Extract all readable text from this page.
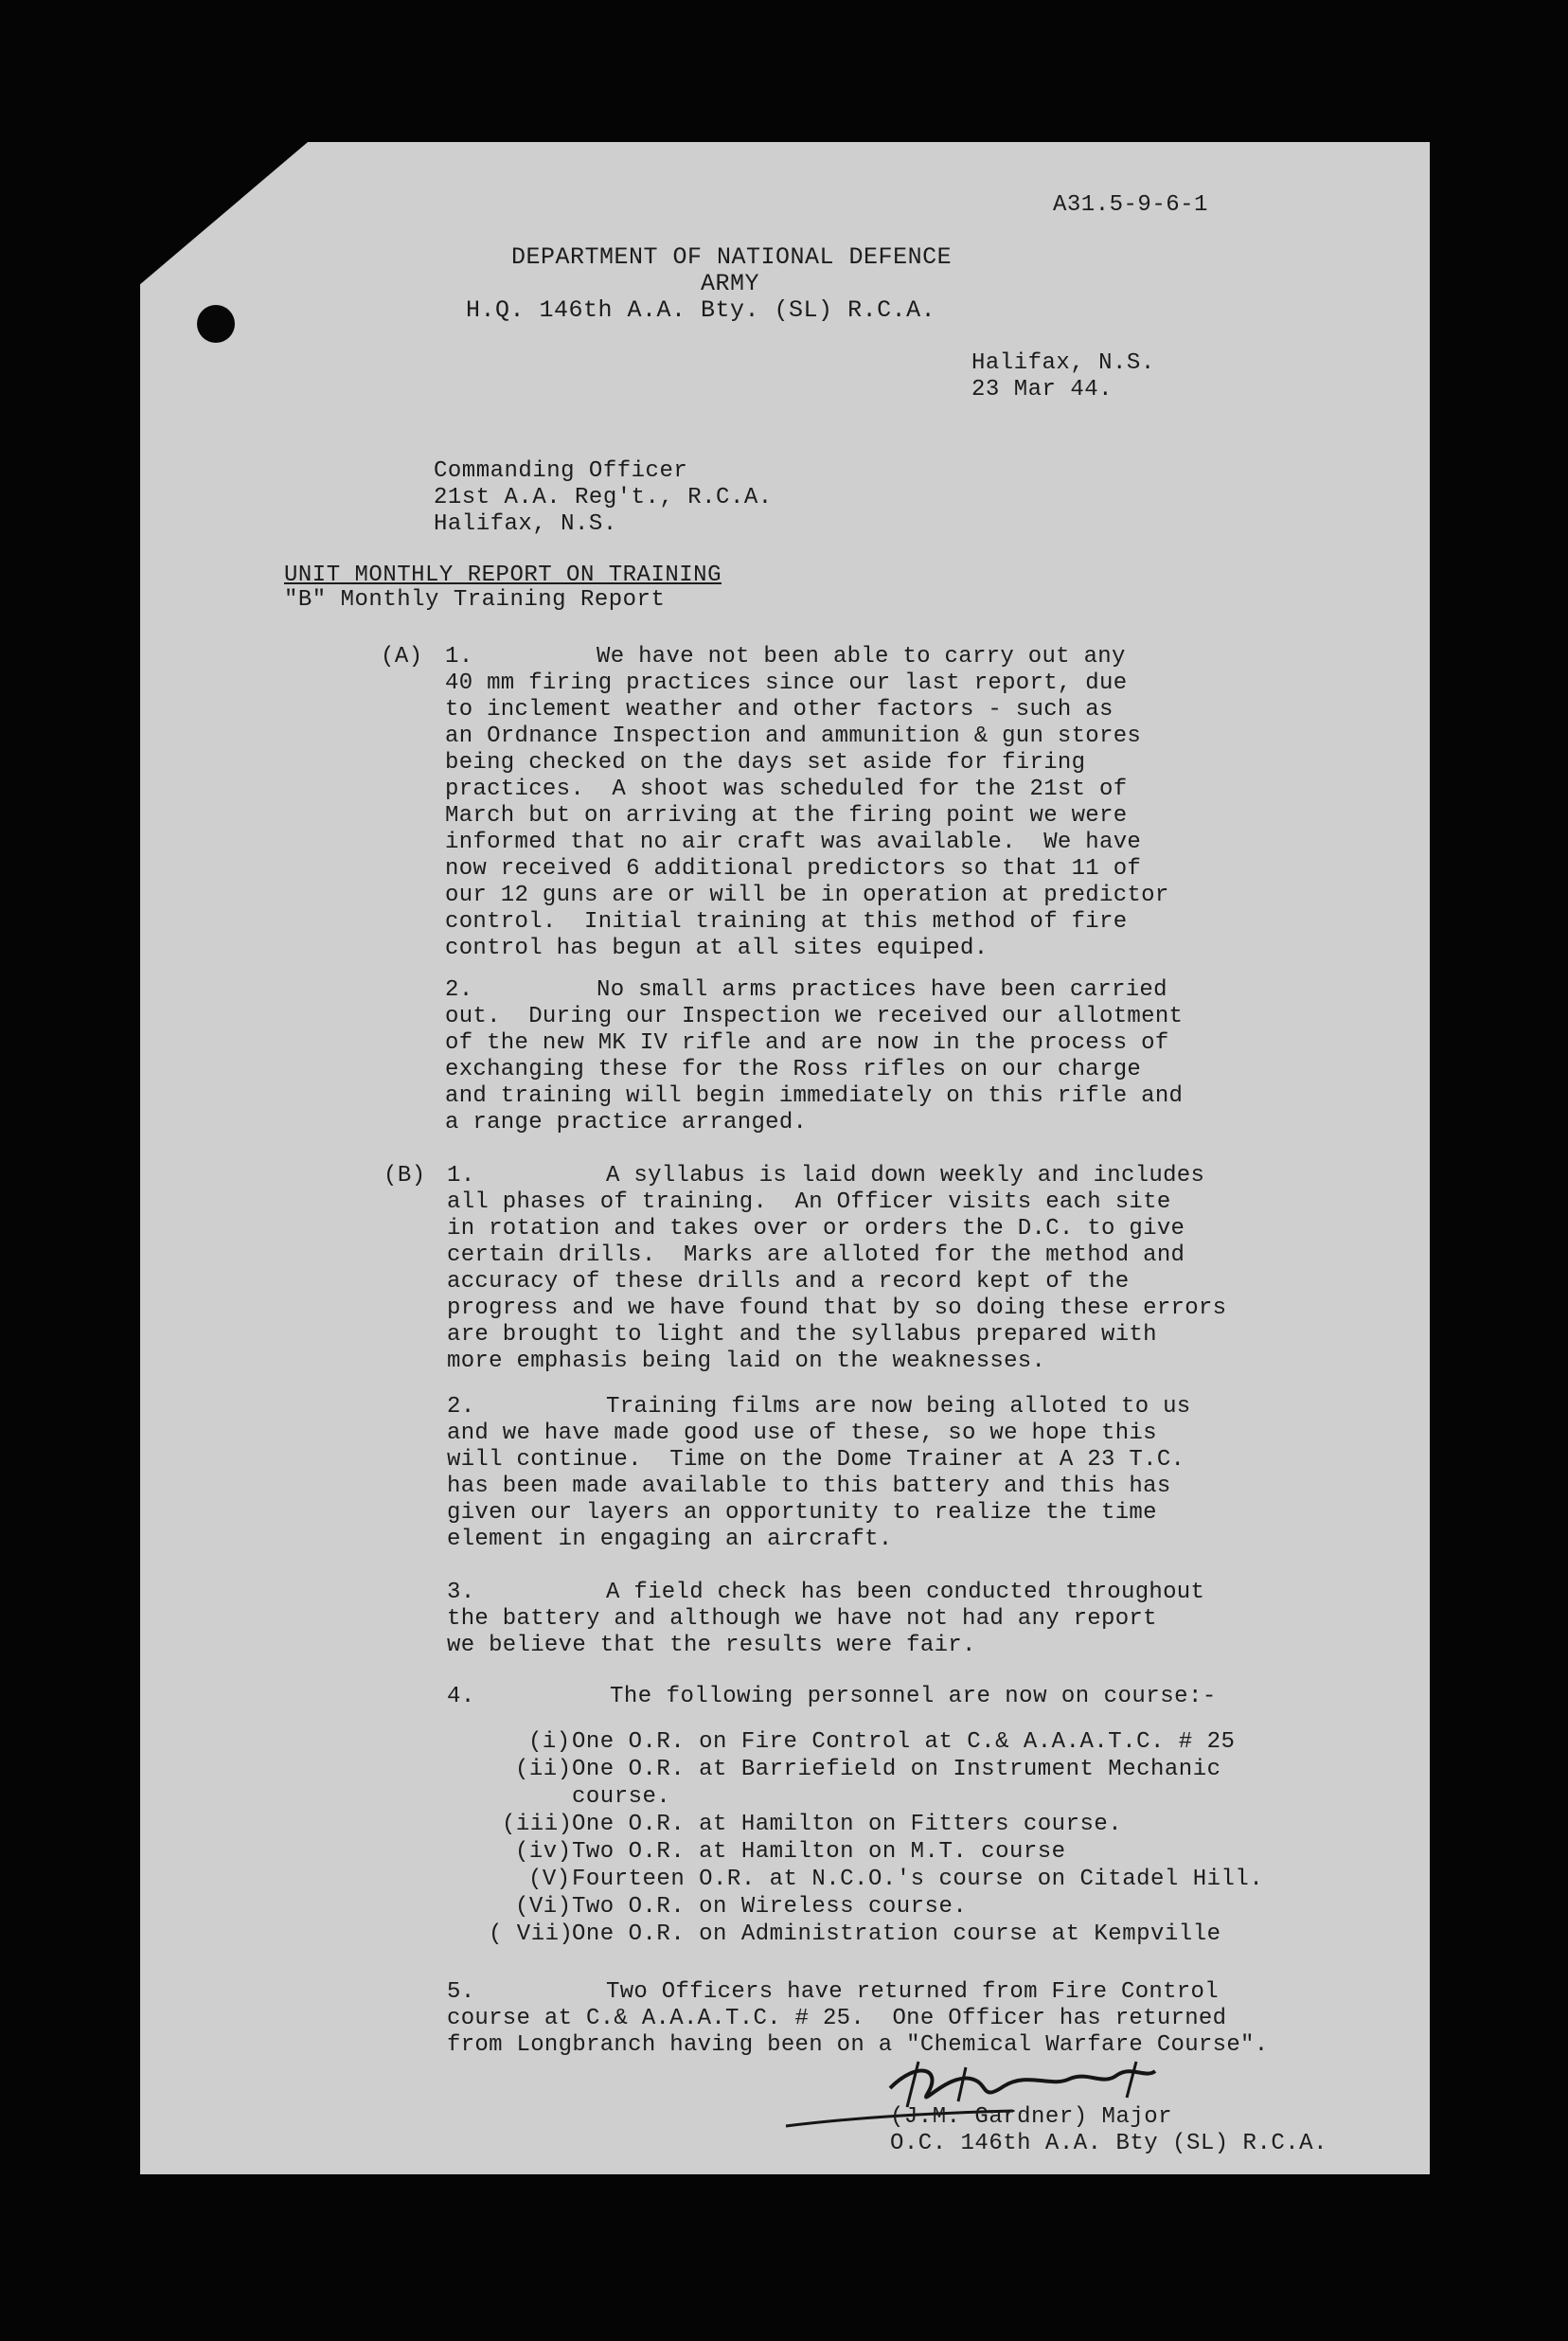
A31.5-9-6-1
DEPARTMENT OF NATIONAL DEFENCE
ARMY
H.Q. 146th A.A. Bty. (SL) R.C.A.
Halifax, N.S.
23 Mar 44.
Commanding Officer
21st A.A. Reg't., R.C.A.
Halifax, N.S.
UNIT MONTHLY REPORT ON TRAINING
"B" Monthly Training Report
(A) 1.	We have not been able to carry out any
40 mm firing practices since our last report, due
to inclement weather and other factors - such as
an Ordnance Inspection and ammunition & gun stores
being checked on the days set aside for firing
practices.  A shoot was scheduled for the 21st of
March but on arriving at the firing point we were
informed that no air craft was available.  We have
now received 6 additional predictors so that 11 of
our 12 guns are or will be in operation at predictor
control.  Initial training at this method of fire
control has begun at all sites equiped.
2.	No small arms practices have been carried
out.  During our Inspection we received our allotment
of the new MK IV rifle and are now in the process of
exchanging these for the Ross rifles on our charge
and training will begin immediately on this rifle and
a range practice arranged.
(B) 1.	A syllabus is laid down weekly and includes
all phases of training.  An Officer visits each site
in rotation and takes over or orders the D.C. to give
certain drills.  Marks are alloted for the method and
accuracy of these drills and a record kept of the
progress and we have found that by so doing these errors
are brought to light and the syllabus prepared with
more emphasis being laid on the weaknesses.
2.	Training films are now being alloted to us
and we have made good use of these, so we hope this
will continue.  Time on the Dome Trainer at A 23 T.C.
has been made available to this battery and this has
given our layers an opportunity to realize the time
element in engaging an aircraft.
3.	A field check has been conducted throughout
the battery and although we have not had any report
we believe that the results were fair.
4.	The following personnel are now on course:-
(i) One O.R. on Fire Control at C.& A.A.A.T.C. # 25
(ii) One O.R. at Barriefield on Instrument Mechanic
course.
(iii) One O.R. at Hamilton on Fitters course.
(iv) Two O.R. at Hamilton on M.T. course
(V) Fourteen O.R. at N.C.O.'s course on Citadel Hill.
(Vi) Two O.R. on Wireless course.
( Vii)
One O.R. on Administration course at Kempville
5.	Two Officers have returned from Fire Control
course at C.& A.A.A.T.C. # 25.  One Officer has returned
from Longbranch having been on a "Chemical Warfare Course".
(J.M. Gardner) Major
O.C. 146th A.A. Bty (SL) R.C.A.
